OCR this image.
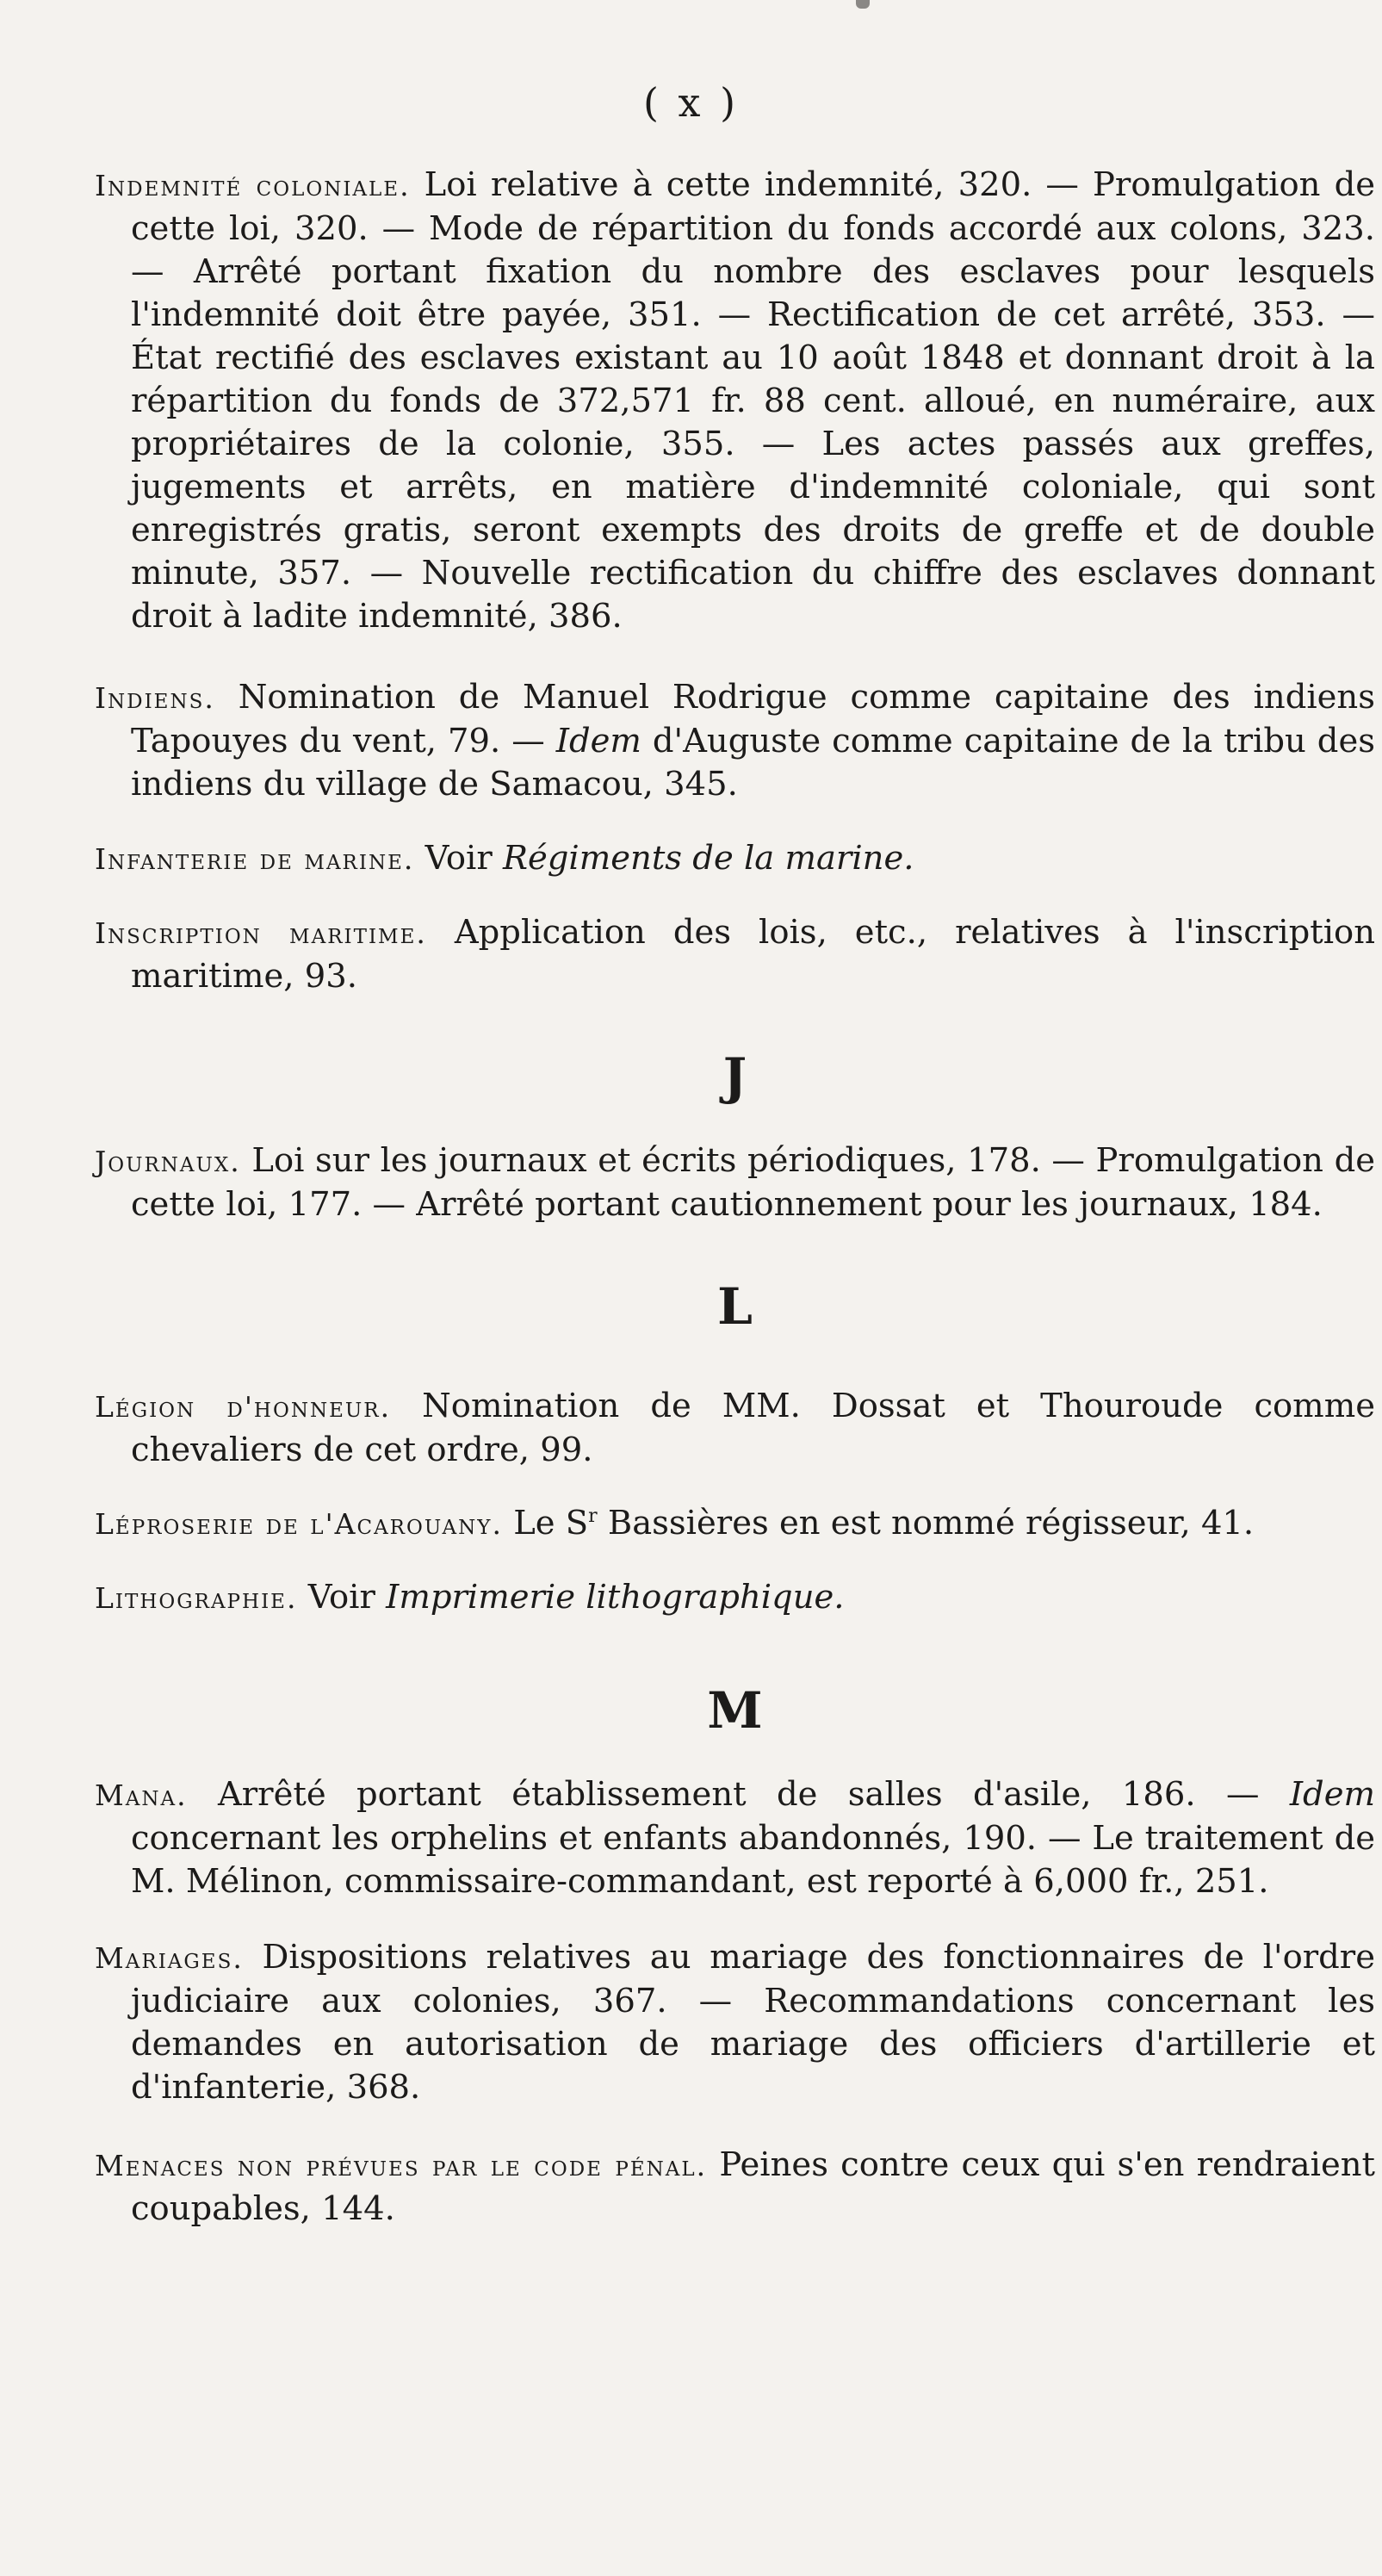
( x )

Indemnité coloniale. Loi relative à cette indemnité, 320. — Promulgation de cette loi, 320. — Mode de répartition du fonds accordé aux colons, 323. — Arrêté portant fixation du nombre des esclaves pour lesquels l'indemnité doit être payée, 351. — Rectification de cet arrêté, 353. — État rectifié des esclaves existant au 10 août 1848 et donnant droit à la répartition du fonds de 372,571 fr. 88 cent. alloué, en numéraire, aux propriétaires de la colonie, 355. — Les actes passés aux greffes, jugements et arrêts, en matière d'indemnité coloniale, qui sont enregistrés gratis, seront exempts des droits de greffe et de double minute, 357. — Nouvelle rectification du chiffre des esclaves donnant droit à ladite indemnité, 386.

Indiens. Nomination de Manuel Rodrigue comme capitaine des indiens Tapouyes du vent, 79. — Idem d'Auguste comme capitaine de la tribu des indiens du village de Samacou, 345.

Infanterie de marine. Voir Régiments de la marine.

Inscription maritime. Application des lois, etc., relatives à l'inscription maritime, 93.

J

Journaux. Loi sur les journaux et écrits périodiques, 178. — Promulgation de cette loi, 177. — Arrêté portant cautionnement pour les journaux, 184.

L

Légion d'honneur. Nomination de MM. Dossat et Thouroude comme chevaliers de cet ordre, 99.

Léproserie de l'Acarouany. Le $S^r$ Bassières en est nommé régisseur, 41.

Lithographie. Voir Imprimerie lithographique.

M

Mana. Arrêté portant établissement de salles d'asile, 186. — Idem concernant les orphelins et enfants abandonnés, 190. — Le traitement de M. Mélinon, commissaire-commandant, est reporté à 6,000 fr., 251.

Mariages. Dispositions relatives au mariage des fonctionnaires de l'ordre judiciaire aux colonies, 367. — Recommandations concernant les demandes en autorisation de mariage des officiers d'artillerie et d'infanterie, 368.

Menaces non prévues par le code pénal. Peines contre ceux qui s'en rendraient coupables, 144.
